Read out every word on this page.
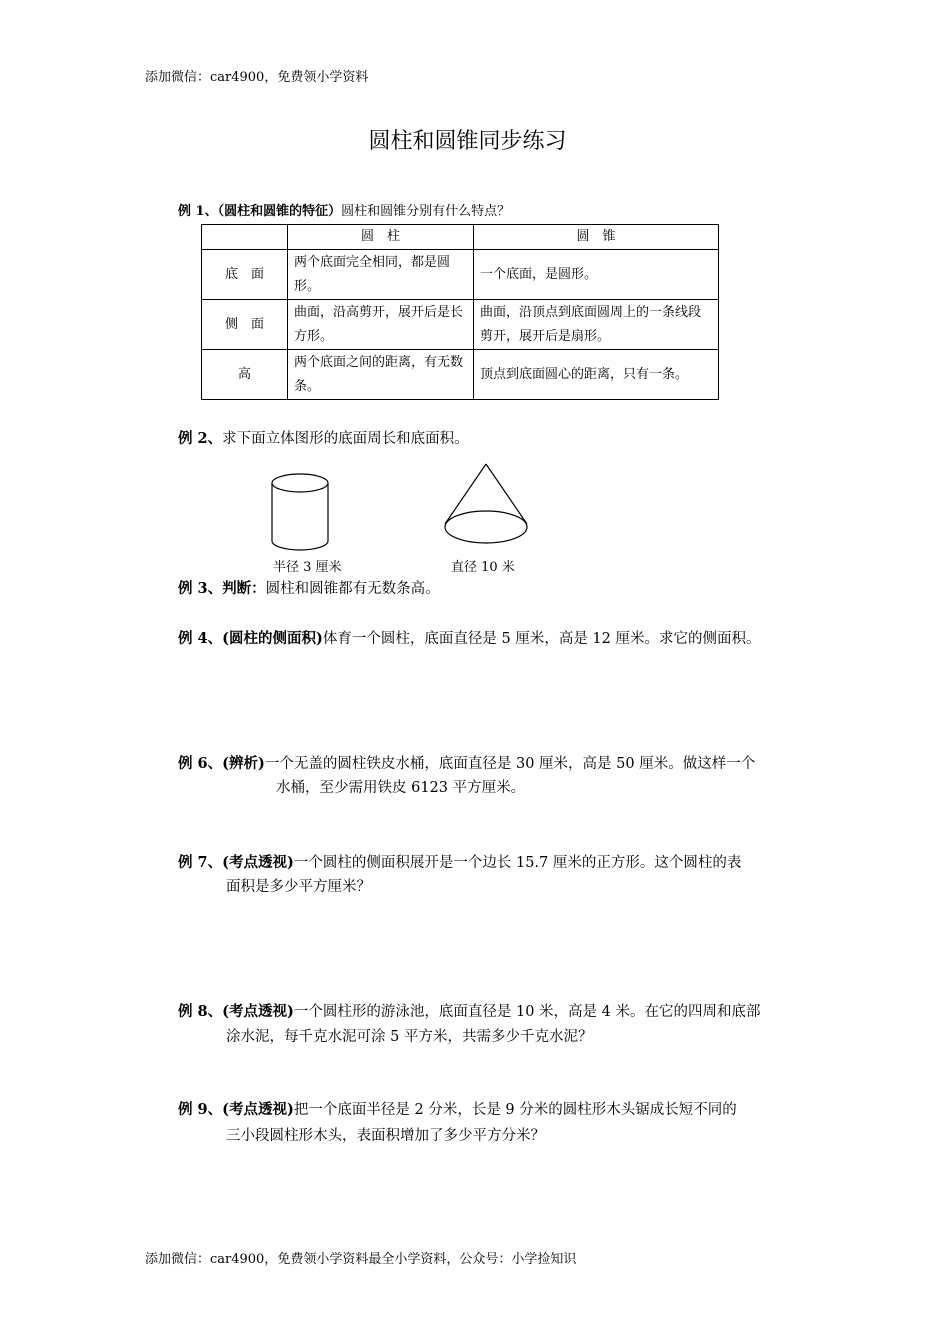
添加微信：car4900，免费领小学资料
圆柱和圆锥同步练习
例 1、（圆柱和圆锥的特征）圆柱和圆锥分别有什么特点？
	圆　柱	圆　锥
底　面	两个底面完全相同，都是圆形。	一个底面，是圆形。
侧　面	曲面，沿高剪开，展开后是长方形。	曲面，沿顶点到底面圆周上的一条线段剪开，展开后是扇形。
高	两个底面之间的距离，有无数条。	顶点到底面圆心的距离，只有一条。
例 2、求下面立体图形的底面周长和底面积。
半径 3 厘米	直径 10 米
例 3、判断：圆柱和圆锥都有无数条高。
例 4、(圆柱的侧面积)体育一个圆柱，底面直径是 5 厘米，高是 12 厘米。求它的侧面积。
例 6、(辨析)一个无盖的圆柱铁皮水桶，底面直径是 30 厘米，高是 50 厘米。做这样一个
水桶，至少需用铁皮 6123 平方厘米。
例 7、(考点透视)一个圆柱的侧面积展开是一个边长 15.7 厘米的正方形。这个圆柱的表
面积是多少平方厘米？
例 8、(考点透视)一个圆柱形的游泳池，底面直径是 10 米，高是 4 米。在它的四周和底部
涂水泥，每千克水泥可涂 5 平方米，共需多少千克水泥？
例 9、(考点透视)把一个底面半径是 2 分米，长是 9 分米的圆柱形木头锯成长短不同的
三小段圆柱形木头，表面积增加了多少平方分米？
添加微信：car4900，免费领小学资料最全小学资料，公众号：小学捡知识
